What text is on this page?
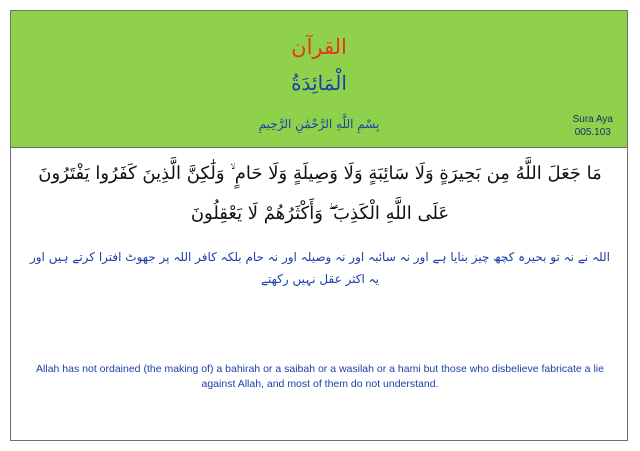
القرآن
الْمَائِدَةُ
بِسْمِ اللَّهِ الرَّحْمَٰنِ الرَّحِيمِ	Sura Aya
005.103
مَا جَعَلَ اللَّهُ مِن بَحِيرَةٍ وَلَا سَائِبَةٍ وَلَا وَصِيلَةٍ وَلَا حَامٍ ۙ وَلَٰكِنَّ الَّذِينَ كَفَرُوا يَفْتَرُونَ عَلَى اللَّهِ الْكَذِبَ ۖ وَأَكْثَرُهُمْ لَا يَعْقِلُونَ
اللہ نے نہ تو بحیرہ کچھ چیز بنایا ہے اور نہ سائبہ اور نہ وصیلہ اور نہ حام بلکہ کافر اللہ پر جھوٹ افترا کرتے ہیں اور یہ اکثر عقل نہیں رکھتے
Allah has not ordained (the making of) a bahirah or a saibah or a wasilah or a hami but those who disbelieve fabricate a lie against Allah, and most of them do not understand.
